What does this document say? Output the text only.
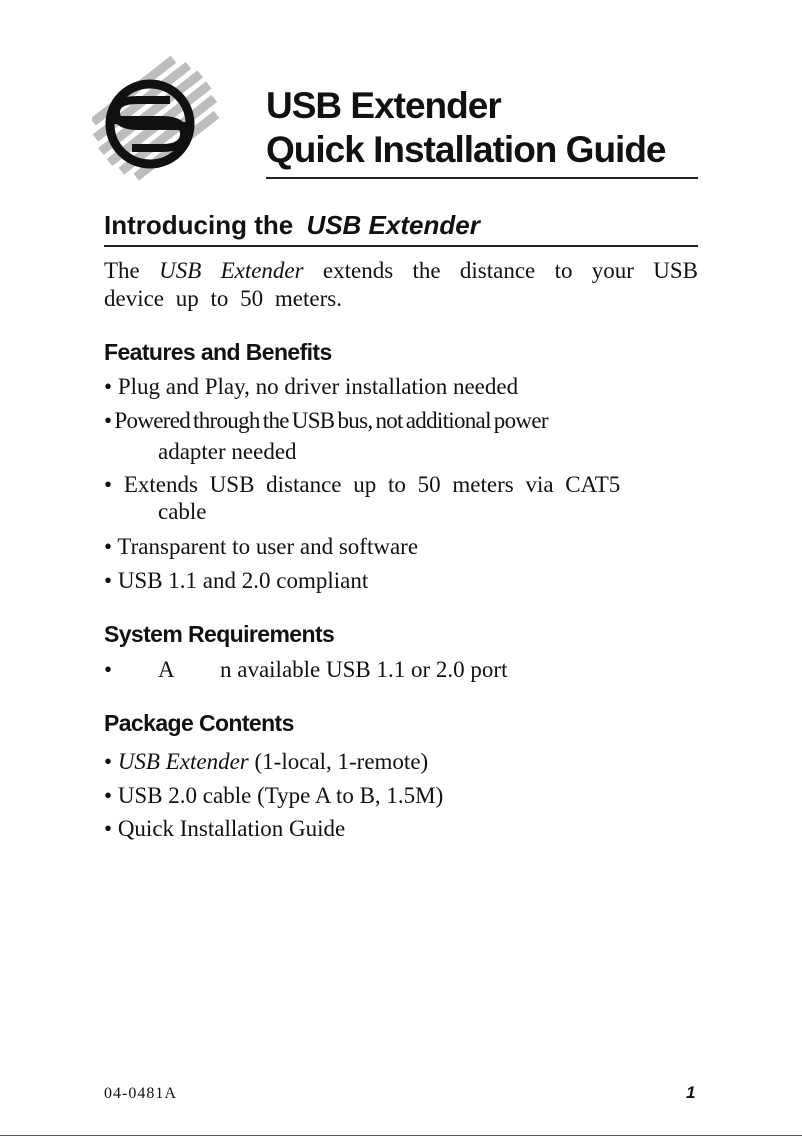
USB Extender
Quick Installation Guide
Introducing the USB Extender
The USB Extender extends the distance to your USB device up to 50 meters.
Features and Benefits
• Plug and Play, no driver installation needed
• Powered through the USB bus, not additional power
adapter needed
• Extends USB distance up to 50 meters via CAT5
cable
• Transparent to user and software
• USB 1.1 and 2.0 compliant
System Requirements
• A n available USB 1.1 or 2.0 port
Package Contents
• USB Extender (1-local, 1-remote)
• USB 2.0 cable (Type A to B, 1.5M)
• Quick Installation Guide
04-0481A	1
